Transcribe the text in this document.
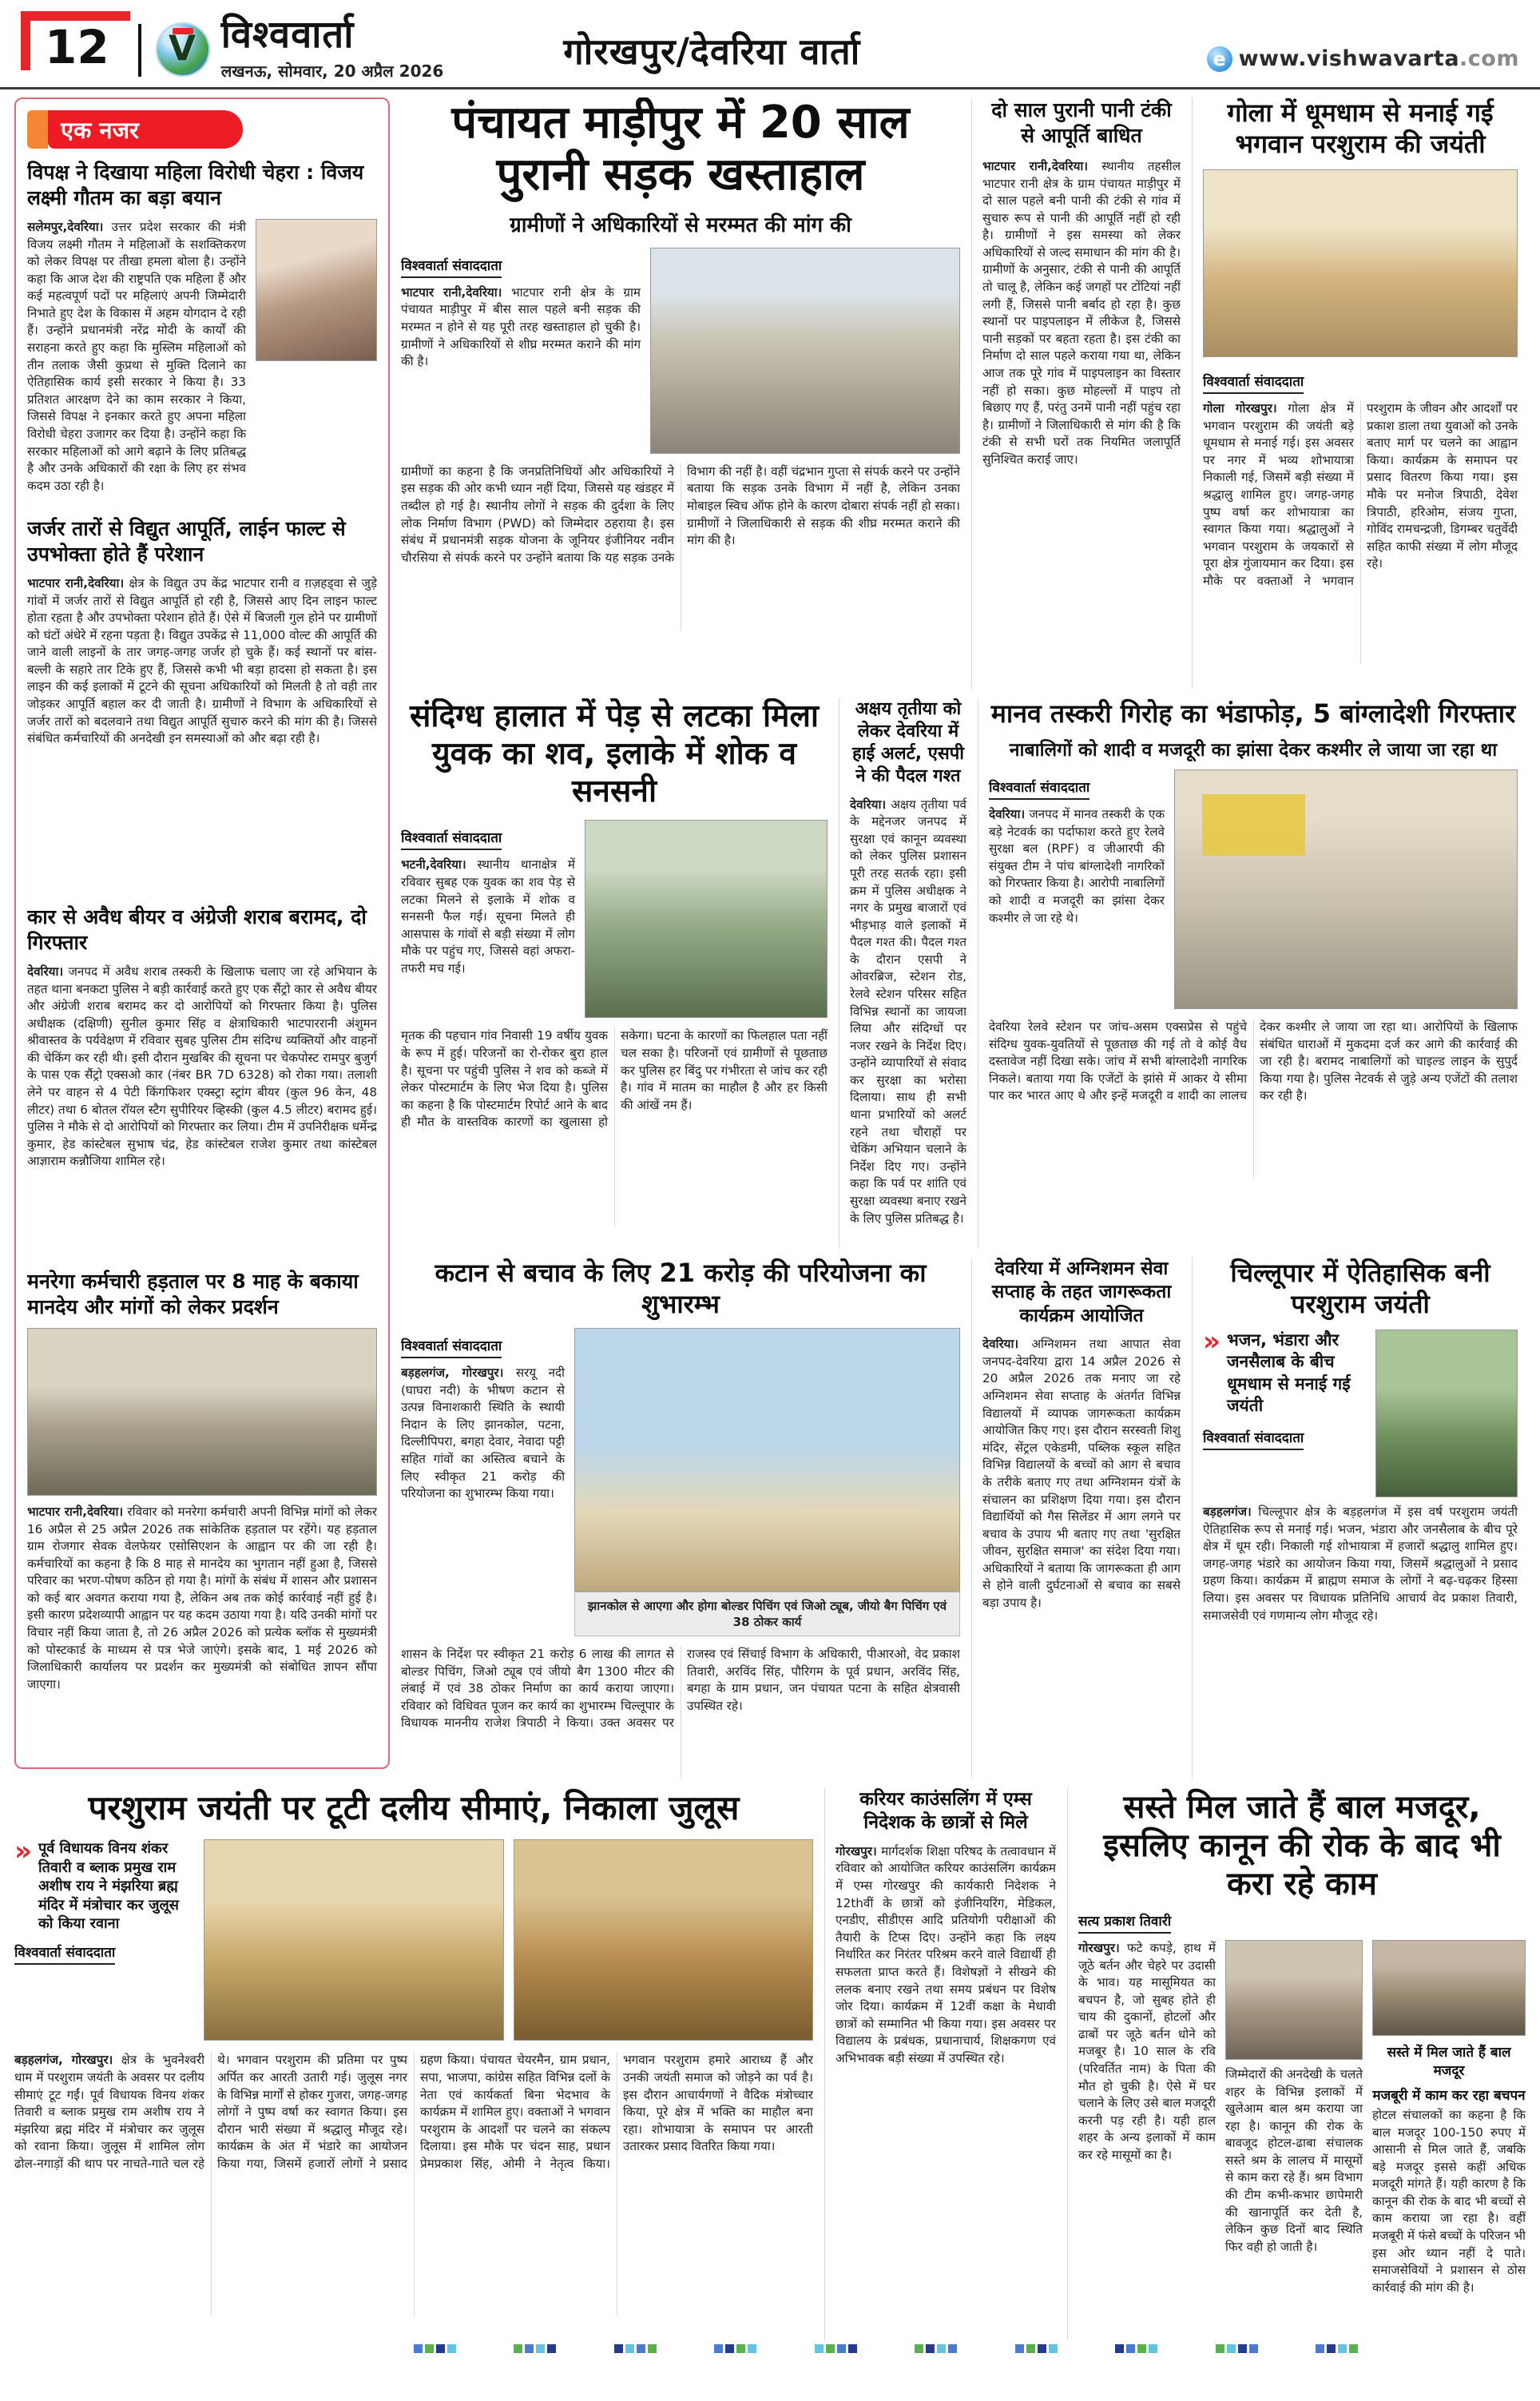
12	V विश्ववार्ता
लखनऊ, सोमवार, 20 अप्रैल 2026	गोरखपुर/देवरिया वार्ता	e www.vishwavarta.com
एक नजर
विपक्ष ने दिखाया महिला विरोधी चेहरा : विजय लक्ष्मी गौतम का बड़ा बयान
सलेमपुर,देवरिया। उत्तर प्रदेश सरकार की मंत्री विजय लक्ष्मी गौतम ने महिलाओं के सशक्तिकरण को लेकर विपक्ष पर तीखा हमला बोला है। उन्होंने कहा कि आज देश की राष्ट्रपति एक महिला हैं और कई महत्वपूर्ण पदों पर महिलाएं अपनी जिम्मेदारी निभाते हुए देश के विकास में अहम योगदान दे रही हैं। उन्होंने प्रधानमंत्री नरेंद्र मोदी के कार्यों की सराहना करते हुए कहा कि मुस्लिम महिलाओं को तीन तलाक जैसी कुप्रथा से मुक्ति दिलाने का ऐतिहासिक कार्य इसी सरकार ने किया है। 33 प्रतिशत आरक्षण देने का काम सरकार ने किया, जिससे विपक्ष ने इनकार करते हुए अपना महिला विरोधी चेहरा उजागर कर दिया है। उन्होंने कहा कि सरकार महिलाओं को आगे बढ़ाने के लिए प्रतिबद्ध है और उनके अधिकारों की रक्षा के लिए हर संभव कदम उठा रही है।
जर्जर तारों से विद्युत आपूर्ति, लाईन फाल्ट से उपभोक्ता होते हैं परेशान
भाटपार रानी,देवरिया। क्षेत्र के विद्युत उप केंद्र भाटपार रानी व ग़ज़हड्वा से जुड़े गांवों में जर्जर तारों से विद्युत आपूर्ति हो रही है, जिससे आए दिन लाइन फाल्ट होता रहता है और उपभोक्ता परेशान होते हैं। ऐसे में बिजली गुल होने पर ग्रामीणों को घंटों अंधेरे में रहना पड़ता है। विद्युत उपकेंद्र से 11,000 वोल्ट की आपूर्ति की जाने वाली लाइनों के तार जगह-जगह जर्जर हो चुके हैं। कई स्थानों पर बांस-बल्ली के सहारे तार टिके हुए हैं, जिससे कभी भी बड़ा हादसा हो सकता है। इस लाइन की कई इलाकों में टूटने की सूचना अधिकारियों को मिलती है तो वही तार जोड़कर आपूर्ति बहाल कर दी जाती है। ग्रामीणों ने विभाग के अधिकारियों से जर्जर तारों को बदलवाने तथा विद्युत आपूर्ति सुचारु करने की मांग की है। जिससे संबंधित कर्मचारियों की अनदेखी इन समस्याओं को और बढ़ा रही है।
कार से अवैध बीयर व अंग्रेजी शराब बरामद, दो गिरफ्तार
देवरिया। जनपद में अवैध शराब तस्करी के खिलाफ चलाए जा रहे अभियान के तहत थाना बनकटा पुलिस ने बड़ी कार्रवाई करते हुए एक सैंट्रो कार से अवैध बीयर और अंग्रेजी शराब बरामद कर दो आरोपियों को गिरफ्तार किया है। पुलिस अधीक्षक (दक्षिणी) सुनील कुमार सिंह व क्षेत्राधिकारी भाटपाररानी अंशुमन श्रीवास्तव के पर्यवेक्षण में रविवार सुबह पुलिस टीम संदिग्ध व्यक्तियों और वाहनों की चेकिंग कर रही थी। इसी दौरान मुखबिर की सूचना पर चेकपोस्ट रामपुर बुजुर्ग के पास एक सैंट्रो एक्सओ कार (नंबर BR 7D 6328) को रोका गया। तलाशी लेने पर वाहन से 4 पेटी किंगफिशर एक्स्ट्रा स्ट्रांग बीयर (कुल 96 केन, 48 लीटर) तथा 6 बोतल रॉयल स्टैग सुपीरियर व्हिस्की (कुल 4.5 लीटर) बरामद हुई। पुलिस ने मौके से दो आरोपियों को गिरफ्तार कर लिया। टीम में उपनिरीक्षक धर्मेन्द्र कुमार, हेड कांस्टेबल सुभाष चंद्र, हेड कांस्टेबल राजेश कुमार तथा कांस्टेबल आज्ञाराम कन्नौजिया शामिल रहे।
मनरेगा कर्मचारी हड़ताल पर 8 माह के बकाया मानदेय और मांगों को लेकर प्रदर्शन
भाटपार रानी,देवरिया। रविवार को मनरेगा कर्मचारी अपनी विभिन्न मांगों को लेकर 16 अप्रैल से 25 अप्रैल 2026 तक सांकेतिक हड़ताल पर रहेंगे। यह हड़ताल ग्राम रोजगार सेवक वेलफेयर एसोसिएशन के आह्वान पर की जा रही है। कर्मचारियों का कहना है कि 8 माह से मानदेय का भुगतान नहीं हुआ है, जिससे परिवार का भरण-पोषण कठिन हो गया है। मांगों के संबंध में शासन और प्रशासन को कई बार अवगत कराया गया है, लेकिन अब तक कोई कार्रवाई नहीं हुई है। इसी कारण प्रदेशव्यापी आह्वान पर यह कदम उठाया गया है। यदि उनकी मांगों पर विचार नहीं किया जाता है, तो 26 अप्रैल 2026 को प्रत्येक ब्लॉक से मुख्यमंत्री को पोस्टकार्ड के माध्यम से पत्र भेजे जाएंगे। इसके बाद, 1 मई 2026 को जिलाधिकारी कार्यालय पर प्रदर्शन कर मुख्यमंत्री को संबोधित ज्ञापन सौंपा जाएगा।
पंचायत माड़ीपुर में 20 साल पुरानी सड़क खस्ताहाल
ग्रामीणों ने अधिकारियों से मरम्मत की मांग की
विश्ववार्ता संवाददाता
भाटपार रानी,देवरिया। भाटपार रानी क्षेत्र के ग्राम पंचायत माड़ीपुर में बीस साल पहले बनी सड़क की मरम्मत न होने से यह पूरी तरह खस्ताहाल हो चुकी है। ग्रामीणों ने अधिकारियों से शीघ्र मरम्मत कराने की मांग की है।
ग्रामीणों का कहना है कि जनप्रतिनिधियों और अधिकारियों ने इस सड़क की ओर कभी ध्यान नहीं दिया, जिससे यह खंडहर में तब्दील हो गई है। स्थानीय लोगों ने सड़क की दुर्दशा के लिए लोक निर्माण विभाग (PWD) को जिम्मेदार ठहराया है। इस संबंध में प्रधानमंत्री सड़क योजना के जूनियर इंजीनियर नवीन चौरसिया से संपर्क करने पर उन्होंने बताया कि यह सड़क उनके विभाग की नहीं है। वहीं चंद्रभान गुप्ता से संपर्क करने पर उन्होंने बताया कि सड़क उनके विभाग में नहीं है, लेकिन उनका मोबाइल स्विच ऑफ होने के कारण दोबारा संपर्क नहीं हो सका। ग्रामीणों ने जिलाधिकारी से सड़क की शीघ्र मरम्मत कराने की मांग की है।
दो साल पुरानी पानी टंकी से आपूर्ति बाधित
भाटपार रानी,देवरिया। स्थानीय तहसील भाटपार रानी क्षेत्र के ग्राम पंचायत माड़ीपुर में दो साल पहले बनी पानी की टंकी से गांव में सुचारु रूप से पानी की आपूर्ति नहीं हो रही है। ग्रामीणों ने इस समस्या को लेकर अधिकारियों से जल्द समाधान की मांग की है। ग्रामीणों के अनुसार, टंकी से पानी की आपूर्ति तो चालू है, लेकिन कई जगहों पर टोंटियां नहीं लगी हैं, जिससे पानी बर्बाद हो रहा है। कुछ स्थानों पर पाइपलाइन में लीकेज है, जिससे पानी सड़कों पर बहता रहता है। इस टंकी का निर्माण दो साल पहले कराया गया था, लेकिन आज तक पूरे गांव में पाइपलाइन का विस्तार नहीं हो सका। कुछ मोहल्लों में पाइप तो बिछाए गए हैं, परंतु उनमें पानी नहीं पहुंच रहा है। ग्रामीणों ने जिलाधिकारी से मांग की है कि टंकी से सभी घरों तक नियमित जलापूर्ति सुनिश्चित कराई जाए।
गोला में धूमधाम से मनाई गई भगवान परशुराम की जयंती
विश्ववार्ता संवाददाता
गोला गोरखपुर। गोला क्षेत्र में भगवान परशुराम की जयंती बड़े धूमधाम से मनाई गई। इस अवसर पर नगर में भव्य शोभायात्रा निकाली गई, जिसमें बड़ी संख्या में श्रद्धालु शामिल हुए। जगह-जगह पुष्प वर्षा कर शोभायात्रा का स्वागत किया गया। श्रद्धालुओं ने भगवान परशुराम के जयकारों से पूरा क्षेत्र गुंजायमान कर दिया। इस मौके पर वक्ताओं ने भगवान परशुराम के जीवन और आदर्शों पर प्रकाश डाला तथा युवाओं को उनके बताए मार्ग पर चलने का आह्वान किया। कार्यक्रम के समापन पर प्रसाद वितरण किया गया। इस मौके पर मनोज त्रिपाठी, देवेश त्रिपाठी, हरिओम, संजय गुप्ता, गोविंद रामचन्द्रजी, डिगम्बर चतुर्वेदी सहित काफी संख्या में लोग मौजूद रहे।
संदिग्ध हालात में पेड़ से लटका मिला युवक का शव, इलाके में शोक व सनसनी
विश्ववार्ता संवाददाता
भटनी,देवरिया। स्थानीय थानाक्षेत्र में रविवार सुबह एक युवक का शव पेड़ से लटका मिलने से इलाके में शोक व सनसनी फैल गई। सूचना मिलते ही आसपास के गांवों से बड़ी संख्या में लोग मौके पर पहुंच गए, जिससे वहां अफरा-तफरी मच गई।
मृतक की पहचान गांव निवासी 19 वर्षीय युवक के रूप में हुई। परिजनों का रो-रोकर बुरा हाल है। सूचना पर पहुंची पुलिस ने शव को कब्जे में लेकर पोस्टमार्टम के लिए भेज दिया है। पुलिस का कहना है कि पोस्टमार्टम रिपोर्ट आने के बाद ही मौत के वास्तविक कारणों का खुलासा हो सकेगा। घटना के कारणों का फिलहाल पता नहीं चल सका है। परिजनों एवं ग्रामीणों से पूछताछ कर पुलिस हर बिंदु पर गंभीरता से जांच कर रही है। गांव में मातम का माहौल है और हर किसी की आंखें नम हैं।
अक्षय तृतीया को लेकर देवरिया में हाई अलर्ट, एसपी ने की पैदल गश्त
देवरिया। अक्षय तृतीया पर्व के मद्देनजर जनपद में सुरक्षा एवं कानून व्यवस्था को लेकर पुलिस प्रशासन पूरी तरह सतर्क रहा। इसी क्रम में पुलिस अधीक्षक ने नगर के प्रमुख बाजारों एवं भीड़भाड़ वाले इलाकों में पैदल गश्त की। पैदल गश्त के दौरान एसपी ने ओवरब्रिज, स्टेशन रोड, रेलवे स्टेशन परिसर सहित विभिन्न स्थानों का जायजा लिया और संदिग्धों पर नजर रखने के निर्देश दिए। उन्होंने व्यापारियों से संवाद कर सुरक्षा का भरोसा दिलाया। साथ ही सभी थाना प्रभारियों को अलर्ट रहने तथा चौराहों पर चेकिंग अभियान चलाने के निर्देश दिए गए। उन्होंने कहा कि पर्व पर शांति एवं सुरक्षा व्यवस्था बनाए रखने के लिए पुलिस प्रतिबद्ध है।
मानव तस्करी गिरोह का भंडाफोड़, 5 बांग्लादेशी गिरफ्तार
नाबालिगों को शादी व मजदूरी का झांसा देकर कश्मीर ले जाया जा रहा था
विश्ववार्ता संवाददाता
देवरिया। जनपद में मानव तस्करी के एक बड़े नेटवर्क का पर्दाफाश करते हुए रेलवे सुरक्षा बल (RPF) व जीआरपी की संयुक्त टीम ने पांच बांग्लादेशी नागरिकों को गिरफ्तार किया है। आरोपी नाबालिगों को शादी व मजदूरी का झांसा देकर कश्मीर ले जा रहे थे।
देवरिया रेलवे स्टेशन पर जांच-असम एक्सप्रेस से पहुंचे संदिग्ध युवक-युवतियों से पूछताछ की गई तो वे कोई वैध दस्तावेज नहीं दिखा सके। जांच में सभी बांग्लादेशी नागरिक निकले। बताया गया कि एजेंटों के झांसे में आकर ये सीमा पार कर भारत आए थे और इन्हें मजदूरी व शादी का लालच देकर कश्मीर ले जाया जा रहा था। आरोपियों के खिलाफ संबंधित धाराओं में मुकदमा दर्ज कर आगे की कार्रवाई की जा रही है। बरामद नाबालिगों को चाइल्ड लाइन के सुपुर्द किया गया है। पुलिस नेटवर्क से जुड़े अन्य एजेंटों की तलाश कर रही है।
कटान से बचाव के लिए 21 करोड़ की परियोजना का शुभारम्भ
विश्ववार्ता संवाददाता
बड़हलगंज, गोरखपुर। सरयू नदी (घाघरा नदी) के भीषण कटान से उत्पन्न विनाशकारी स्थिति के स्थायी निदान के लिए झानकोल, पटना, दिल्लीपिपरा, बगहा देवार, नेवादा पट्टी सहित गांवों का अस्तित्व बचाने के लिए स्वीकृत 21 करोड़ की परियोजना का शुभारम्भ किया गया।
झानकोल से आएगा और होगा बोल्डर पिचिंग एवं जिओ ट्यूब, जीयो बैग पिचिंग एवं 38 ठोकर कार्य
शासन के निर्देश पर स्वीकृत 21 करोड़ 6 लाख की लागत से बोल्डर पिचिंग, जिओ ट्यूब एवं जीयो बैग 1300 मीटर की लंबाई में एवं 38 ठोकर निर्माण का कार्य कराया जाएगा। रविवार को विधिवत पूजन कर कार्य का शुभारम्भ चिल्लूपार के विधायक माननीय राजेश त्रिपाठी ने किया। उक्त अवसर पर राजस्व एवं सिंचाई विभाग के अधिकारी, पीआरओ, वेद प्रकाश तिवारी, अरविंद सिंह, पौरिगम के पूर्व प्रधान, अरविंद सिंह, बगहा के ग्राम प्रधान, जन पंचायत पटना के सहित क्षेत्रवासी उपस्थित रहे।
देवरिया में अग्निशमन सेवा सप्ताह के तहत जागरूकता कार्यक्रम आयोजित
देवरिया। अग्निशमन तथा आपात सेवा जनपद-देवरिया द्वारा 14 अप्रैल 2026 से 20 अप्रैल 2026 तक मनाए जा रहे अग्निशमन सेवा सप्ताह के अंतर्गत विभिन्न विद्यालयों में व्यापक जागरूकता कार्यक्रम आयोजित किए गए। इस दौरान सरस्वती शिशु मंदिर, सेंट्रल एकेडमी, पब्लिक स्कूल सहित विभिन्न विद्यालयों के बच्चों को आग से बचाव के तरीके बताए गए तथा अग्निशमन यंत्रों के संचालन का प्रशिक्षण दिया गया। इस दौरान विद्यार्थियों को गैस सिलेंडर में आग लगने पर बचाव के उपाय भी बताए गए तथा 'सुरक्षित जीवन, सुरक्षित समाज' का संदेश दिया गया। अधिकारियों ने बताया कि जागरूकता ही आग से होने वाली दुर्घटनाओं से बचाव का सबसे बड़ा उपाय है।
चिल्लूपार में ऐतिहासिक बनी परशुराम जयंती
» भजन, भंडारा और जनसैलाब के बीच धूमधाम से मनाई गई जयंती
विश्ववार्ता संवाददाता
बड़हलगंज। चिल्लूपार क्षेत्र के बड़हलगंज में इस वर्ष परशुराम जयंती ऐतिहासिक रूप से मनाई गई। भजन, भंडारा और जनसैलाब के बीच पूरे क्षेत्र में धूम रही। निकाली गई शोभायात्रा में हजारों श्रद्धालु शामिल हुए। जगह-जगह भंडारे का आयोजन किया गया, जिसमें श्रद्धालुओं ने प्रसाद ग्रहण किया। कार्यक्रम में ब्राह्मण समाज के लोगों ने बढ़-चढ़कर हिस्सा लिया। इस अवसर पर विधायक प्रतिनिधि आचार्य वेद प्रकाश तिवारी, समाजसेवी एवं गणमान्य लोग मौजूद रहे।
परशुराम जयंती पर टूटी दलीय सीमाएं, निकाला जुलूस
» पूर्व विधायक विनय शंकर तिवारी व ब्लाक प्रमुख राम अशीष राय ने मंझरिया ब्रह्म मंदिर में मंत्रोचार कर जुलूस को किया रवाना
विश्ववार्ता संवाददाता
बड़हलगंज, गोरखपुर। क्षेत्र के भुवनेश्वरी धाम में परशुराम जयंती के अवसर पर दलीय सीमाएं टूट गईं। पूर्व विधायक विनय शंकर तिवारी व ब्लाक प्रमुख राम अशीष राय ने मंझरिया ब्रह्म मंदिर में मंत्रोचार कर जुलूस को रवाना किया। जुलूस में शामिल लोग ढोल-नगाड़ों की थाप पर नाचते-गाते चल रहे थे। भगवान परशुराम की प्रतिमा पर पुष्प अर्पित कर आरती उतारी गई। जुलूस नगर के विभिन्न मार्गों से होकर गुजरा, जगह-जगह लोगों ने पुष्प वर्षा कर स्वागत किया। इस दौरान भारी संख्या में श्रद्धालु मौजूद रहे। कार्यक्रम के अंत में भंडारे का आयोजन किया गया, जिसमें हजारों लोगों ने प्रसाद ग्रहण किया। पंचायत चेयरमैन, ग्राम प्रधान, सपा, भाजपा, कांग्रेस सहित विभिन्न दलों के नेता एवं कार्यकर्ता बिना भेदभाव के कार्यक्रम में शामिल हुए। वक्ताओं ने भगवान परशुराम के आदर्शों पर चलने का संकल्प दिलाया। इस मौके पर चंदन साह, प्रधान प्रेमप्रकाश सिंह, ओमी ने नेतृत्व किया। भगवान परशुराम हमारे आराध्य हैं और उनकी जयंती समाज को जोड़ने का पर्व है। इस दौरान आचार्यगणों ने वैदिक मंत्रोच्चार किया, पूरे क्षेत्र में भक्ति का माहौल बना रहा। शोभायात्रा के समापन पर आरती उतारकर प्रसाद वितरित किया गया।
करियर काउंसलिंग में एम्स निदेशक के छात्रों से मिले
गोरखपुर। मार्गदर्शक शिक्षा परिषद के तत्वावधान में रविवार को आयोजित करियर काउंसलिंग कार्यक्रम में एम्स गोरखपुर की कार्यकारी निदेशक ने 12thवीं के छात्रों को इंजीनियरिंग, मेडिकल, एनडीए, सीडीएस आदि प्रतियोगी परीक्षाओं की तैयारी के टिप्स दिए। उन्होंने कहा कि लक्ष्य निर्धारित कर निरंतर परिश्रम करने वाले विद्यार्थी ही सफलता प्राप्त करते हैं। विशेषज्ञों ने सीखने की ललक बनाए रखने तथा समय प्रबंधन पर विशेष जोर दिया। कार्यक्रम में 12वीं कक्षा के मेधावी छात्रों को सम्मानित भी किया गया। इस अवसर पर विद्यालय के प्रबंधक, प्रधानाचार्य, शिक्षकगण एवं अभिभावक बड़ी संख्या में उपस्थित रहे।
सस्ते मिल जाते हैं बाल मजदूर, इसलिए कानून की रोक के बाद भी करा रहे काम
सत्य प्रकाश तिवारी
गोरखपुर। फटे कपड़े, हाथ में जूठे बर्तन और चेहरे पर उदासी के भाव। यह मासूमियत का बचपन है, जो सुबह होते ही चाय की दुकानों, होटलों और ढाबों पर जूठे बर्तन धोने को मजबूर है। 10 साल के रवि (परिवर्तित नाम) के पिता की मौत हो चुकी है। ऐसे में घर चलाने के लिए उसे बाल मजदूरी करनी पड़ रही है। यही हाल शहर के अन्य इलाकों में काम कर रहे मासूमों का है।
जिम्मेदारों की अनदेखी के चलते शहर के विभिन्न इलाकों में खुलेआम बाल श्रम कराया जा रहा है। कानून की रोक के बावजूद होटल-ढाबा संचालक सस्ते श्रम के लालच में मासूमों से काम करा रहे हैं। श्रम विभाग की टीम कभी-कभार छापेमारी की खानापूर्ति कर देती है, लेकिन कुछ दिनों बाद स्थिति फिर वही हो जाती है।
सस्ते में मिल जाते हैं बाल मजदूर
मजबूरी में काम कर रहा बचपन
होटल संचालकों का कहना है कि बाल मजदूर 100-150 रुपए में आसानी से मिल जाते हैं, जबकि बड़े मजदूर इससे कहीं अधिक मजदूरी मांगते हैं। यही कारण है कि कानून की रोक के बाद भी बच्चों से काम कराया जा रहा है। वहीं मजबूरी में फंसे बच्चों के परिजन भी इस ओर ध्यान नहीं दे पाते। समाजसेवियों ने प्रशासन से ठोस कार्रवाई की मांग की है।
